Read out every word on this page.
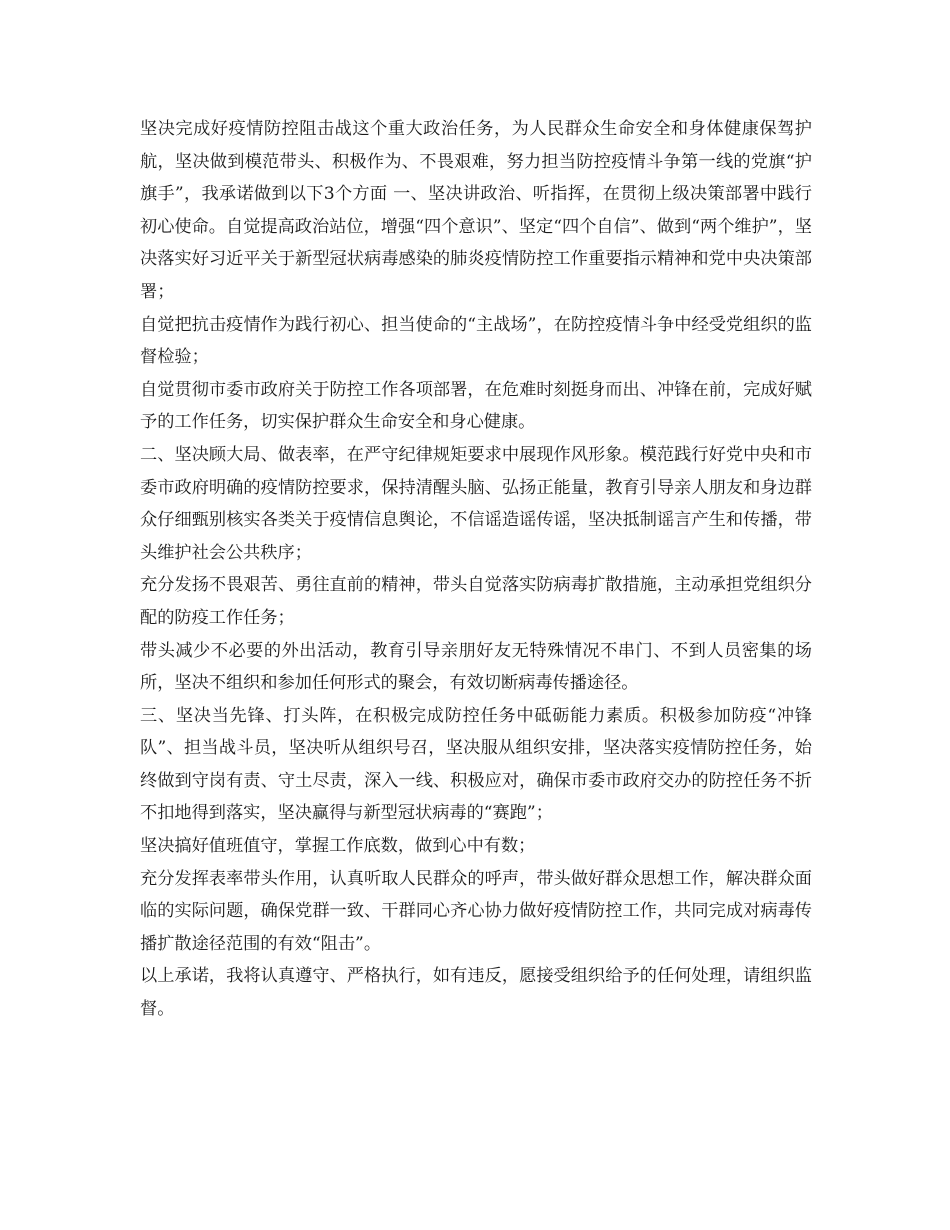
坚决完成好疫情防控阻击战这个重大政治任务，为人民群众生命安全和身体健康保驾护航，坚决做到模范带头、积极作为、不畏艰难，努力担当防控疫情斗争第一线的党旗“护旗手”，我承诺做到以下3个方面 一、坚决讲政治、听指挥，在贯彻上级决策部署中践行初心使命。自觉提高政治站位，增强“四个意识”、坚定“四个自信”、做到“两个维护”，坚决落实好习近平关于新型冠状病毒感染的肺炎疫情防控工作重要指示精神和党中央决策部署；

自觉把抗击疫情作为践行初心、担当使命的“主战场”，在防控疫情斗争中经受党组织的监督检验；

自觉贯彻市委市政府关于防控工作各项部署，在危难时刻挺身而出、冲锋在前，完成好赋予的工作任务，切实保护群众生命安全和身心健康。

二、坚决顾大局、做表率，在严守纪律规矩要求中展现作风形象。模范践行好党中央和市委市政府明确的疫情防控要求，保持清醒头脑、弘扬正能量，教育引导亲人朋友和身边群众仔细甄别核实各类关于疫情信息舆论，不信谣造谣传谣，坚决抵制谣言产生和传播，带头维护社会公共秩序；

充分发扬不畏艰苦、勇往直前的精神，带头自觉落实防病毒扩散措施，主动承担党组织分配的防疫工作任务；

带头减少不必要的外出活动，教育引导亲朋好友无特殊情况不串门、不到人员密集的场所，坚决不组织和参加任何形式的聚会，有效切断病毒传播途径。

三、坚决当先锋、打头阵，在积极完成防控任务中砥砺能力素质。积极参加防疫“冲锋队”、担当战斗员，坚决听从组织号召，坚决服从组织安排，坚决落实疫情防控任务，始终做到守岗有责、守土尽责，深入一线、积极应对，确保市委市政府交办的防控任务不折不扣地得到落实，坚决赢得与新型冠状病毒的“赛跑”；

坚决搞好值班值守，掌握工作底数，做到心中有数；

充分发挥表率带头作用，认真听取人民群众的呼声，带头做好群众思想工作，解决群众面临的实际问题，确保党群一致、干群同心齐心协力做好疫情防控工作，共同完成对病毒传播扩散途径范围的有效“阻击”。

以上承诺，我将认真遵守、严格执行，如有违反，愿接受组织给予的任何处理，请组织监督。
